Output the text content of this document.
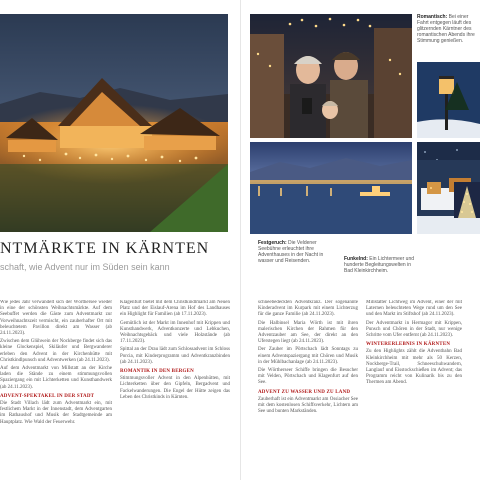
NTMÄRKTE IN KÄRNTEN
schaft, wie Advent nur im Süden sein kann

Wie jedes Jahr verwandelt sich der Wörthersee wieder in eine der schönsten Weihnachtsmärkte. Auf dem Seebuffet werden die Gäste zum Adventmarkt zur Vorweihnachtszeit vermischt, ein zauberhafter Ort mit beleuchtetem Pavillon direkt am Wasser (ab 24.11.2023).

Zwischen dem Glühwein der Nockberge findet sich das kleine Glockenspiel, Skiläufer und Bergwanderer erleben den Advent in der Kirchenhütte mit Christkindlpunsch und Adventwerken (ab 24.11.2023).

Auf dem Adventmarkt von Millstatt an der Kirche laden die Stände zu einem stimmungsvollen Spaziergang ein mit Lichterketten und Kunsthandwerk (ab 24.11.2023).

ADVENT-SPEKTAKEL IN DER STADT

Die Stadt Villach lädt zum Adventmarkt ein, mit festlichem Markt in der Innenstadt, dem Adventgarten im Rathaushof und Musik der Stadtgemeinde am Hauptplatz. Wie Wald der Feuerwehr.

Klagenfurt bietet mit dem Christkindlmarkt am Neuen Platz und der Eislauf-Arena im Hof des Landhauses ein Highlight für Familien (ab 17.11.2023).

Gemütlich ist der Markt im Innenhof mit Krippen und Kunsthandwerk, Adventkonzerte und Lebkuchen, Weihnachtsgebäck und viele Holzstände (ab 17.11.2023).

Spittal an der Drau lädt zum Schlossadvent im Schloss Porcia, mit Kinderprogramm und Adventkranzbinden (ab 24.11.2023).

ROMANTIK IN DEN BERGEN

Stimmungsvoller Advent in den Alpenhütten, mit Lichterketten über den Gipfeln, Bergadvent und Fackelwanderungen. Die Engel der Hütte zeigen das Leben des Christkinds in Kärnten.

Romantisch: Bei einer Fahrt entgegen läuft des glitzernden Kärntner des romantischen Abends ihre Stimmung genießen.
Festgeruch: Die Veldener Seebühne erleuchtet ihre Adventhauses in der Nacht in wasser und Reisenden.	Funkelnd: Ein Lichtermeer und hunderte Begleitungswelten in Bad Kleinkirchheim.

schneebedeckten Adventkranz. Der sogenannte Kinderadvent im Kurpark mit einem Lichterzug für die ganze Familie (ab 24.11.2023).

Die Halbinsel Maria Wörth ist mit ihren malerischen Kirchen der Rahmen für den Adventzauber am See, der direkt an den Uferstegen liegt (ab 24.11.2023).

Der Zauber im Pörtschach lädt Sonntags zu einem Adventspaziergang mit Chören und Musik in der Mühlbachanlage (ab 24.11.2023).

Die Wörtherseer Schiffe bringen die Besucher mit Velden, Pörtschach und Klagenfurt auf den See.

ADVENT ZU WASSER UND ZU LAND

Zauberhaft ist ein Adventmarkt am Ossiacher See mit dem kostenlosen Schiffsverkehr, Lichtern am See und bunten Markständen.

Millstätter Lichtweg im Advent, einer der mit Laternen beleuchteten Wege rund um den See und den Markt im Stiftshof (ab 24.11.2023).

Der Adventmarkt in Hermagor mit Krippen, Punsch und Chören in der Stadt, nur wenige Schritte vom Ufer entfernt (ab 24.11.2023).

WINTERERLEBNIS IN KÄRNTEN

Zu den Highlights zählt die Adventbahn Bad Kleinkirchheim mit mehr als 50 Kerzen, Nockberge-Trail, Schneeschuhwandern, Langlauf und Eisstockschießen im Advent; das Programm reicht von Kulinarik bis zu den Thermen am Abend.
